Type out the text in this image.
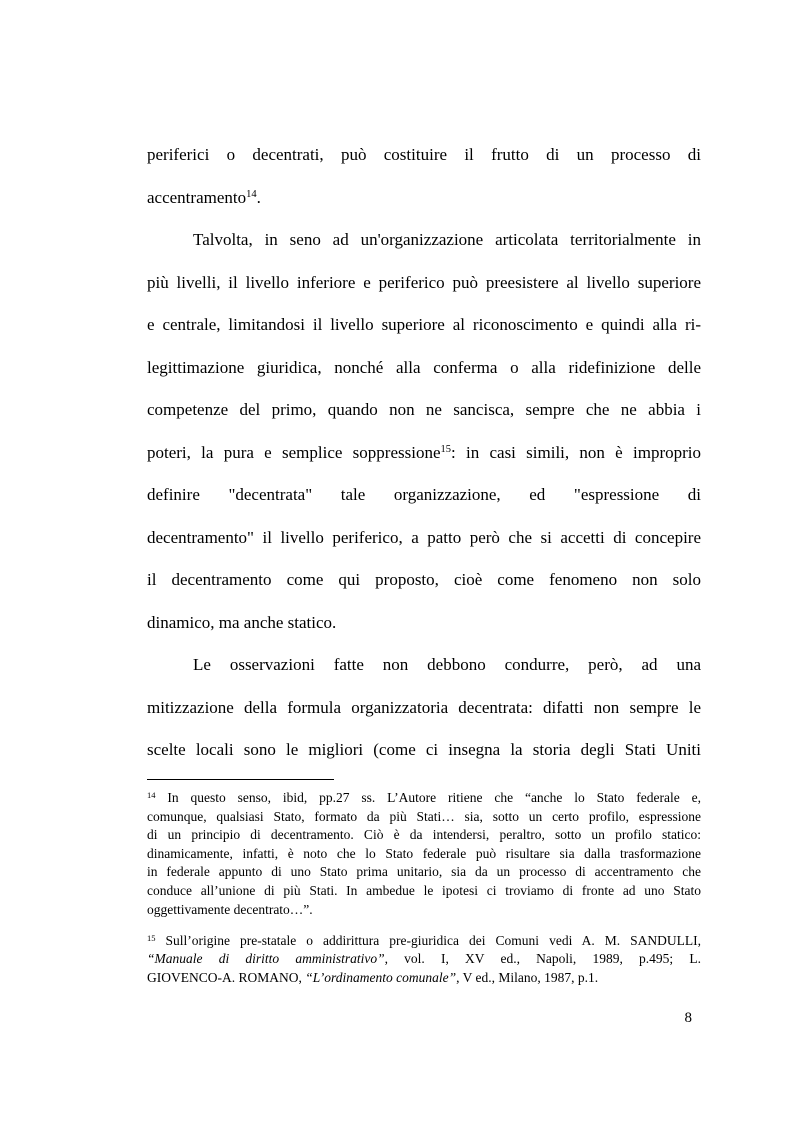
periferici o decentrati, può costituire il frutto di un processo di
accentramento$^{14}$.
Talvolta, in seno ad un'organizzazione articolata territorialmente in
più livelli, il livello inferiore e periferico può preesistere al livello superiore
e centrale, limitandosi il livello superiore al riconoscimento e quindi alla ri-
legittimazione giuridica, nonché alla conferma o alla ridefinizione delle
competenze del primo, quando non ne sancisca, sempre che ne abbia i
poteri, la pura e semplice soppressione$^{15}$: in casi simili, non è improprio
definire "decentrata" tale organizzazione, ed "espressione di
decentramento" il livello periferico, a patto però che si accetti di concepire
il decentramento come qui proposto, cioè come fenomeno non solo
dinamico, ma anche statico.
Le osservazioni fatte non debbono condurre, però, ad una
mitizzazione della formula organizzatoria decentrata: difatti non sempre le
scelte locali sono le migliori (come ci insegna la storia degli Stati Uniti
$^{14}$ In questo senso, ibid, pp.27 ss. L’Autore ritiene che “anche lo Stato federale e,
comunque, qualsiasi Stato, formato da più Stati… sia, sotto un certo profilo, espressione
di un principio di decentramento. Ciò è da intendersi, peraltro, sotto un profilo statico:
dinamicamente, infatti, è noto che lo Stato federale può risultare sia dalla trasformazione
in federale appunto di uno Stato prima unitario, sia da un processo di accentramento che
conduce all’unione di più Stati. In ambedue le ipotesi ci troviamo di fronte ad uno Stato
oggettivamente decentrato…”.
$^{15}$ Sull’origine pre-statale o addirittura pre-giuridica dei Comuni vedi A. M. SANDULLI,
“Manuale di diritto amministrativo”, vol. I, XV ed., Napoli, 1989, p.495; L.
GIOVENCO-A. ROMANO, “L’ordinamento comunale”, V ed., Milano, 1987, p.1.
8
